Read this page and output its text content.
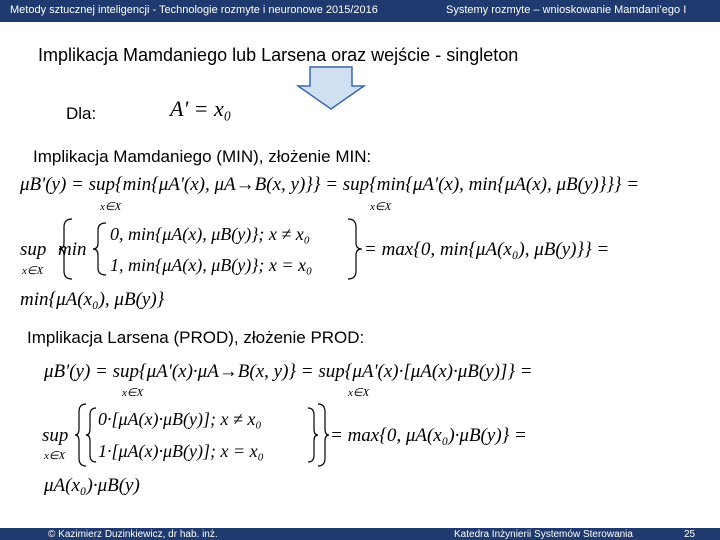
Metody sztucznej inteligencji - Technologie rozmyte i neuronowe 2015/2016	Systemy rozmyte – wnioskowanie Mamdani’ego I
Implikacja Mamdaniego lub Larsena oraz wejście - singleton
Dla:	A' = x₀
Implikacja Mamdaniego (MIN), złożenie MIN:
μB'(y) = sup{min{μA'(x), μA→B(x, y)}} = sup{min{μA'(x), min{μA(x), μB(y)}}} =
x∈X	x∈X
sup
x∈X
min
0, min{μA(x), μB(y)}; x ≠ x₀
1, min{μA(x), μB(y)}; x = x₀
= max{0, min{μA(x₀), μB(y)}} =
min{μA(x₀), μB(y)}
Implikacja Larsena (PROD), złożenie PROD:
μB'(y) = sup{μA'(x)·μA→B(x, y)} = sup{μA'(x)·[μA(x)·μB(y)]} =
x∈X	x∈X
sup
x∈X
0·[μA(x)·μB(y)]; x ≠ x₀
1·[μA(x)·μB(y)]; x = x₀
= max{0, μA(x₀)·μB(y)} =
μA(x₀)·μB(y)
© Kazimierz Duzinkiewicz, dr hab. inż.	Katedra Inżynierii Systemów Sterowania	25
